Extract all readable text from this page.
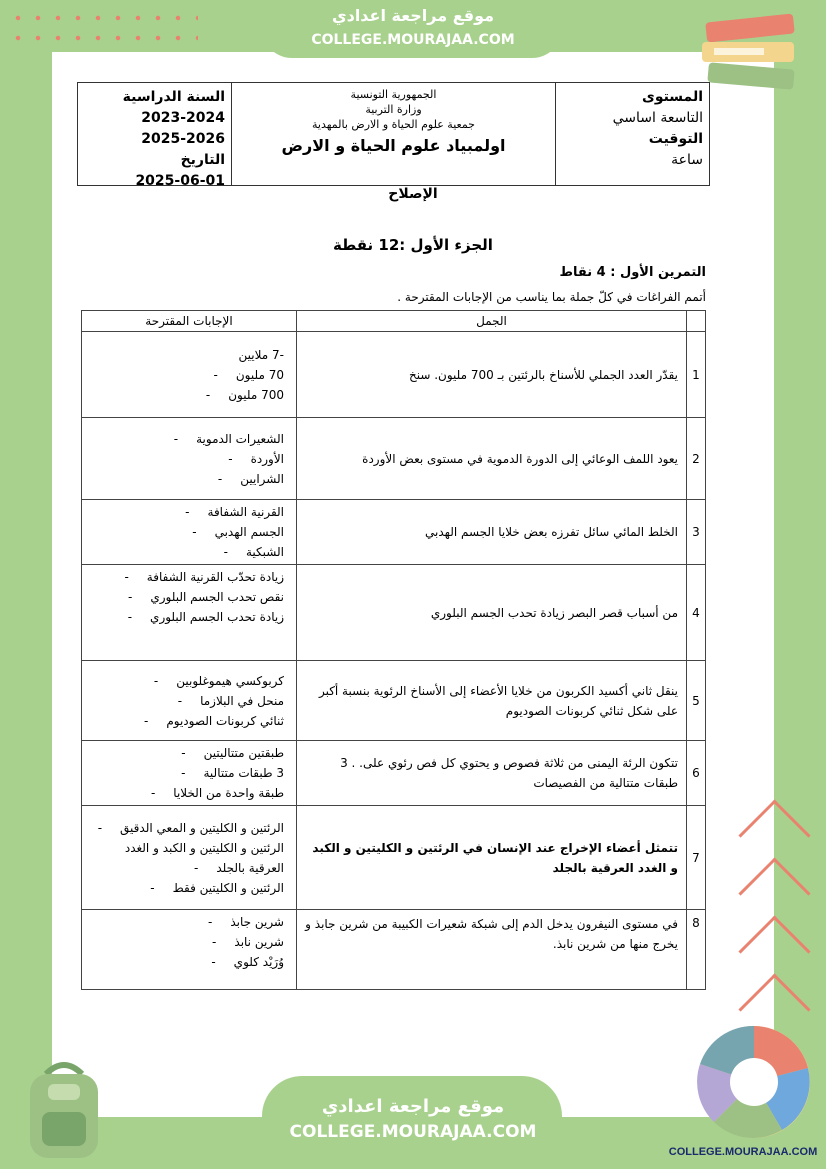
موقع مراجعة اعدادي
COLLEGE.MOURAJAA.COM
موقع مراجعة اعدادي
COLLEGE.MOURAJAA.COM
COLLEGE.MOURAJAA.COM
السنة الدراسية
2023-2024
2025-2026
التاريخ
2025-06-01
الجمهورية التونسية
وزارة التربية
جمعية علوم الحياة و الارض بالمهدية
اولمبياد علوم الحياة و الارض
المستوى
التاسعة اساسي
التوقيت
ساعة
الإصلاح
الجزء الأول :12 نقطة
التمرين الأول : 4 نقاط
أتمم الفراغات في كلّ جملة بما يناسب من الإجابات المقترحة .
الإجابات المقترحة	الجمل	

-7 ملايين
70 مليون -
700 مليون -	يقدّر العدد الجملي للأسناخ بالرئتين بـ 700 مليون. سنخ	1

الشعيرات الدموية -
الأوردة -
الشرايين -	يعود اللمف الوعائي إلى الدورة الدموية في مستوى بعض الأوردة	2

القرنية الشفافة -
الجسم الهدبي -
الشبكية -	الخلط المائي سائل تفرزه بعض خلايا الجسم الهدبي	3

زيادة تحدّب القرنية الشفافة -
نقص تحدب الجسم البلوري -
زيادة تحدب الجسم البلوري -	من أسباب قصر البصر زيادة تحدب الجسم البلوري	4

كربوكسي هيموغلوبين -
منحل في البلازما -
ثنائي كربونات الصوديوم -	ينقل ثاني أكسيد الكربون من خلايا الأعضاء إلى الأسناخ الرئوية بنسبة أكبر على شكل ثنائي كربونات الصوديوم	5

طبقتين متتاليتين -
3 طبقات متتالية -
طبقة واحدة من الخلايا -	تتكون الرئة اليمنى من ثلاثة فصوص و يحتوي كل فص رئوي على. . 3 طبقات متتالية من الفصيصات	6

الرئتين و الكليتين و المعي الدقيق -
الرئتين و الكليتين و الكبد و الغدد العرقية بالجلد -
الرئتين و الكليتين فقط -	تتمثل أعضاء الإخراج عند الإنسان في الرئتين و الكليتين و الكبد و الغدد العرقية بالجلد	7

شرين جابذ -
شرين نابذ -
وُرَيْد كلوي -	في مستوى النيفرون يدخل الدم إلى شبكة شعيرات الكبيبة من شرين جابذ و يخرج منها من شرين نابذ.	8
